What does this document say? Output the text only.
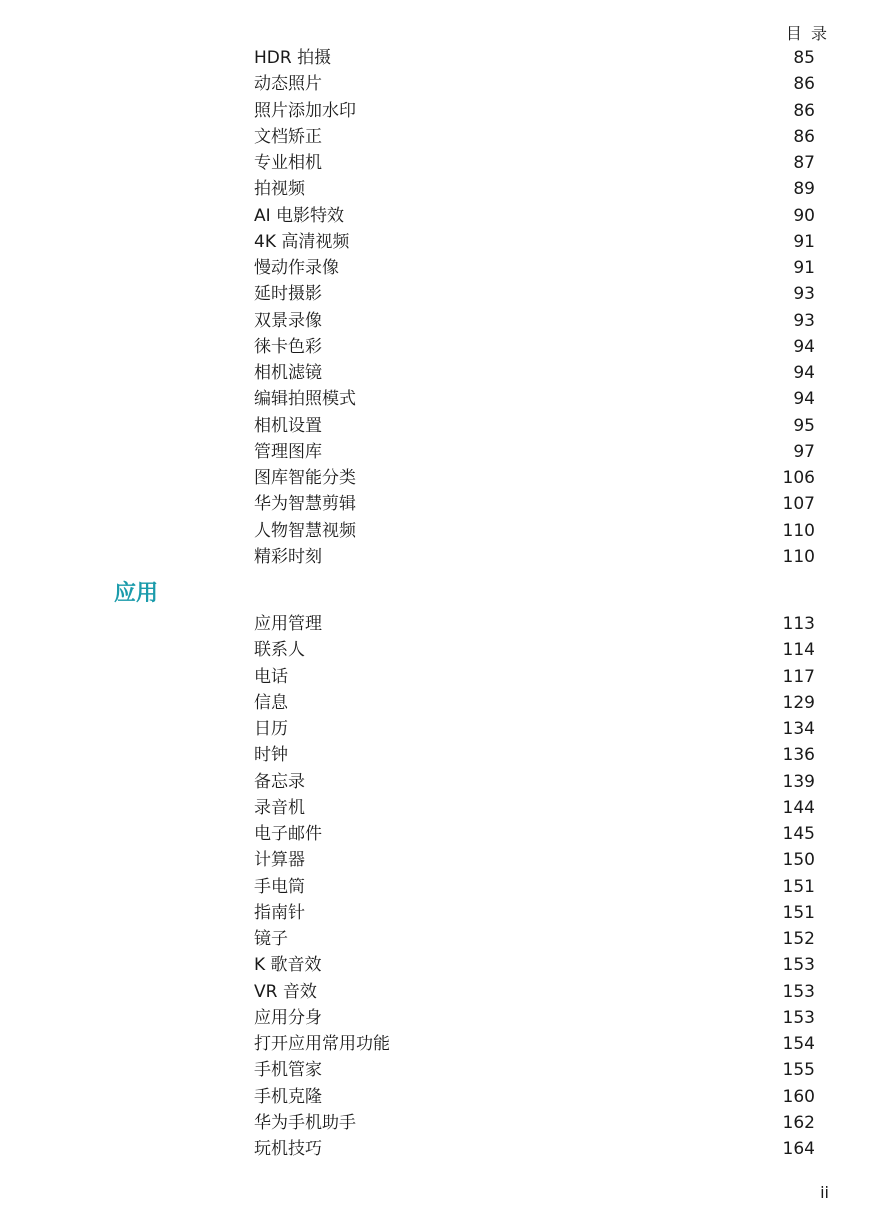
目 录
HDR 拍摄	85
动态照片	86
照片添加水印	86
文档矫正	86
专业相机	87
拍视频	89
AI 电影特效	90
4K 高清视频	91
慢动作录像	91
延时摄影	93
双景录像	93
徕卡色彩	94
相机滤镜	94
编辑拍照模式	94
相机设置	95
管理图库	97
图库智能分类	106
华为智慧剪辑	107
人物智慧视频	110
精彩时刻	110
应用
应用管理	113
联系人	114
电话	117
信息	129
日历	134
时钟	136
备忘录	139
录音机	144
电子邮件	145
计算器	150
手电筒	151
指南针	151
镜子	152
K 歌音效	153
VR 音效	153
应用分身	153
打开应用常用功能	154
手机管家	155
手机克隆	160
华为手机助手	162
玩机技巧	164
ii
